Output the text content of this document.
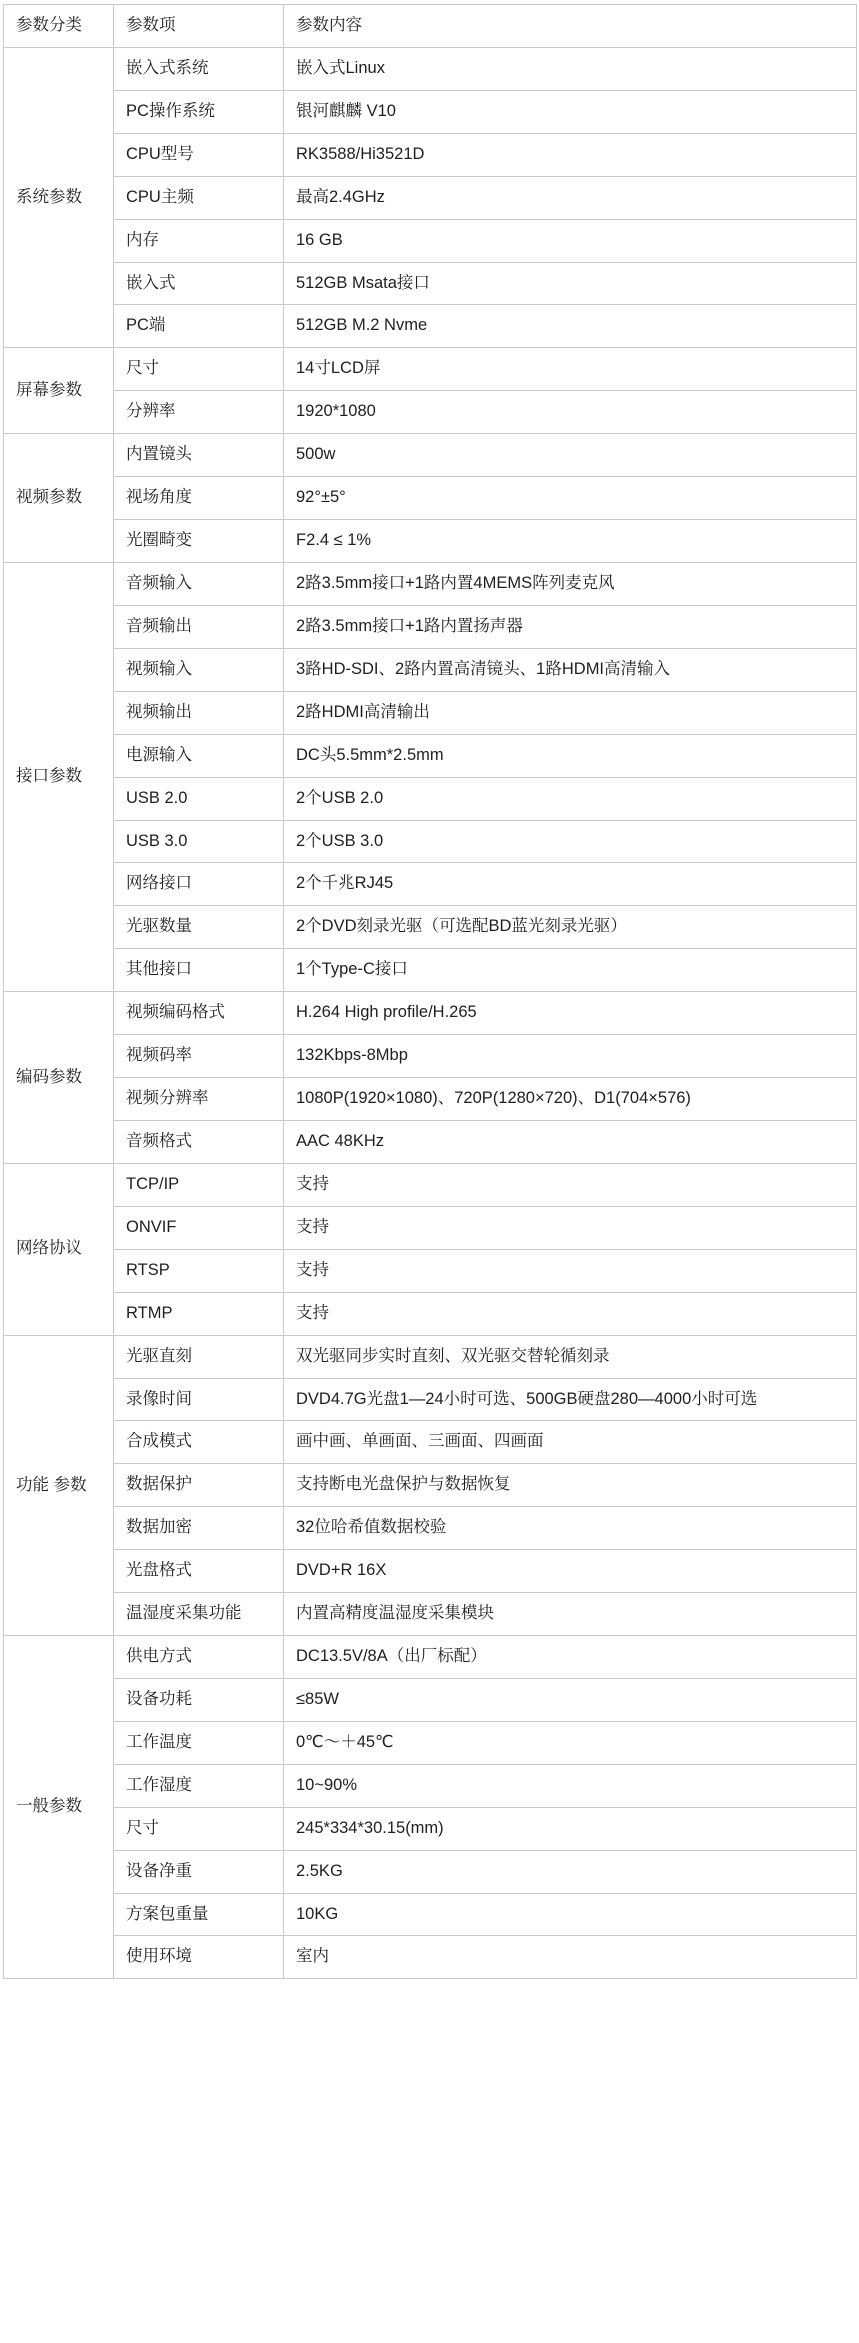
参数分类	参数项	参数内容

系统参数	嵌入式系统	嵌入式Linux
	PC操作系统	银河麒麟 V10
	CPU型号	RK3588/Hi3521D
	CPU主频	最高2.4GHz
	内存	16 GB
	嵌入式	512GB Msata接口
	PC端	512GB M.2 Nvme

屏幕参数	尺寸	14寸LCD屏
	分辨率	1920*1080

视频参数	内置镜头	500w
	视场角度	92°±5°
	光圈畸变	F2.4 ≤ 1%

接口参数	音频输入	2路3.5mm接口+1路内置4MEMS阵列麦克风
	音频输出	2路3.5mm接口+1路内置扬声器
	视频输入	3路HD-SDI、2路内置高清镜头、1路HDMI高清输入
	视频输出	2路HDMI高清输出
	电源输入	DC头5.5mm*2.5mm
	USB 2.0	2个USB 2.0
	USB 3.0	2个USB 3.0
	网络接口	2个千兆RJ45
	光驱数量	2个DVD刻录光驱（可选配BD蓝光刻录光驱）
	其他接口	1个Type-C接口

编码参数	视频编码格式	H.264 High profile/H.265
	视频码率	132Kbps-8Mbp
	视频分辨率	1080P(1920×1080)、720P(1280×720)、D1(704×576)
	音频格式	AAC 48KHz

网络协议	TCP/IP	支持
	ONVIF	支持
	RTSP	支持
	RTMP	支持

功能 参数	光驱直刻	双光驱同步实时直刻、双光驱交替轮循刻录
	录像时间	DVD4.7G光盘1—24小时可选、500GB硬盘280—4000小时可选
	合成模式	画中画、单画面、三画面、四画面
	数据保护	支持断电光盘保护与数据恢复
	数据加密	32位哈希值数据校验
	光盘格式	DVD+R 16X
	温湿度采集功能	内置高精度温湿度采集模块

一般参数	供电方式	DC13.5V/8A（出厂标配）
	设备功耗	≤85W
	工作温度	0℃～＋45℃
	工作湿度	10~90%
	尺寸	245*334*30.15(mm)
	设备净重	2.5KG
	方案包重量	10KG
	使用环境	室内
